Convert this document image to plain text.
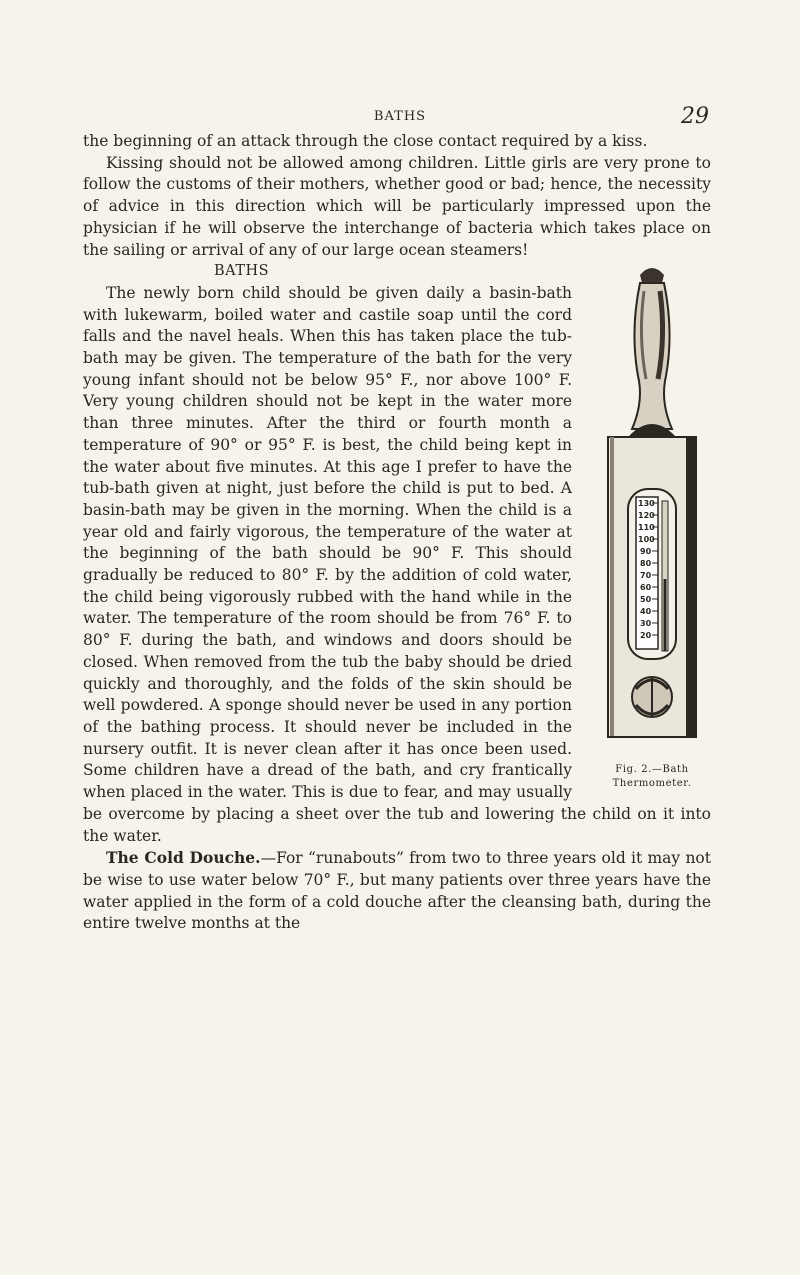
BATHS	29

the beginning of an attack through the close contact required by a kiss.

Kissing should not be allowed among children. Little girls are very prone to follow the customs of their mothers, whether good or bad; hence, the necessity of advice in this direction which will be particularly impressed upon the physician if he will observe the interchange of bacteria which takes place on the sailing or arrival of any of our large ocean steamers!

130
120
110
100
90
80
70
60
50
40
30
20
Fig. 2.—Bath Thermometer.

BATHS

The newly born child should be given daily a basin-bath with lukewarm, boiled water and castile soap until the cord falls and the navel heals. When this has taken place the tub-bath may be given. The temperature of the bath for the very young infant should not be below 95° F., nor above 100° F. Very young children should not be kept in the water more than three minutes. After the third or fourth month a temperature of 90° or 95° F. is best, the child being kept in the water about five minutes. At this age I prefer to have the tub-bath given at night, just before the child is put to bed. A basin-bath may be given in the morning. When the child is a year old and fairly vigorous, the temperature of the water at the beginning of the bath should be 90° F. This should gradually be reduced to 80° F. by the addition of cold water, the child being vigorously rubbed with the hand while in the water. The temperature of the room should be from 76° F. to 80° F. during the bath, and windows and doors should be closed. When removed from the tub the baby should be dried quickly and thoroughly, and the folds of the skin should be well powdered. A sponge should never be used in any portion of the bathing process. It should never be included in the nursery outfit. It is never clean after it has once been used. Some children have a dread of the bath, and cry frantically when placed in the water. This is due to fear, and may usually be overcome by placing a sheet over the tub and lowering the child on it into the water.

The Cold Douche.—For “runabouts” from two to three years old it may not be wise to use water below 70° F., but many patients over three years have the water applied in the form of a cold douche after the cleansing bath, during the entire twelve months at the
